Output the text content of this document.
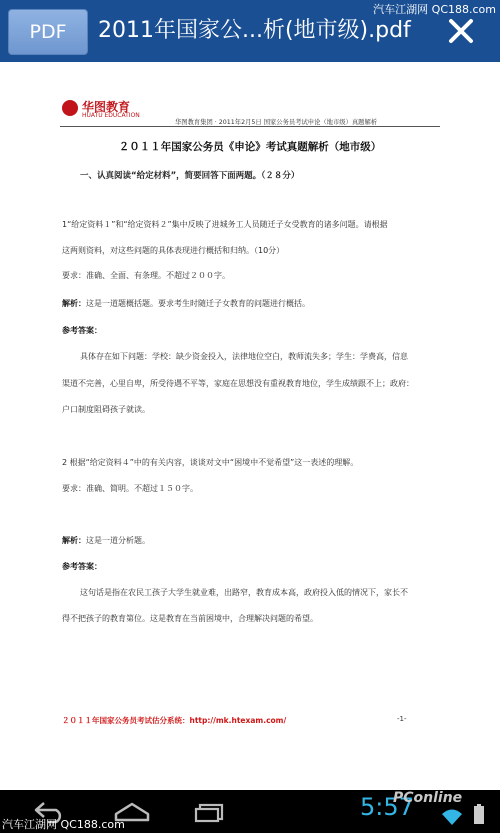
PDF	2011年国家公...析(地市级).pdf
汽车江湖网 QC188.com
华图教育
HUATU EDUCATION
华图教育集团 · 2011年2月5日 国家公务员考试申论（地市级）真题解析
２０１１年国家公务员《申论》考试真题解析（地市级）
一、认真阅读“给定材料”，简要回答下面两题。（２８分）
1“给定资料１”和“给定资料２”集中反映了进城务工人员随迁子女受教育的诸多问题。请根据
这两则资料，对这些问题的具体表现进行概括和归纳。（10分）
要求：准确、全面、有条理。不超过２００字。
解析：这是一道题概括题。要求考生时随迁子女教育的问题进行概括。
参考答案：
具体存在如下问题：学校：缺少资金投入，法律地位空白，教师流失多；学生：学费高，信息
渠道不完善，心里自卑，所受待遇不平等，家庭在思想没有重视教育地位，学生成绩跟不上；政府：
户口制度阻碍孩子就读。
2 根据“给定资料４”中的有关内容，谈谈对文中“困境中不觉希望”这一表述的理解。
要求：准确、简明。不超过１５０字。
解析：这是一道分析题。
参考答案：
这句话是指在农民工孩子大学生就业难，出路窄，教育成本高，政府投入低的情况下，家长不
得不把孩子的教育第位。这是教育在当前困境中，合理解决问题的希望。
２０１１年国家公务员考试估分系统：http://mk.htexam.com/	-1-
汽车江湖网 QC188.com
5:57
PConline
